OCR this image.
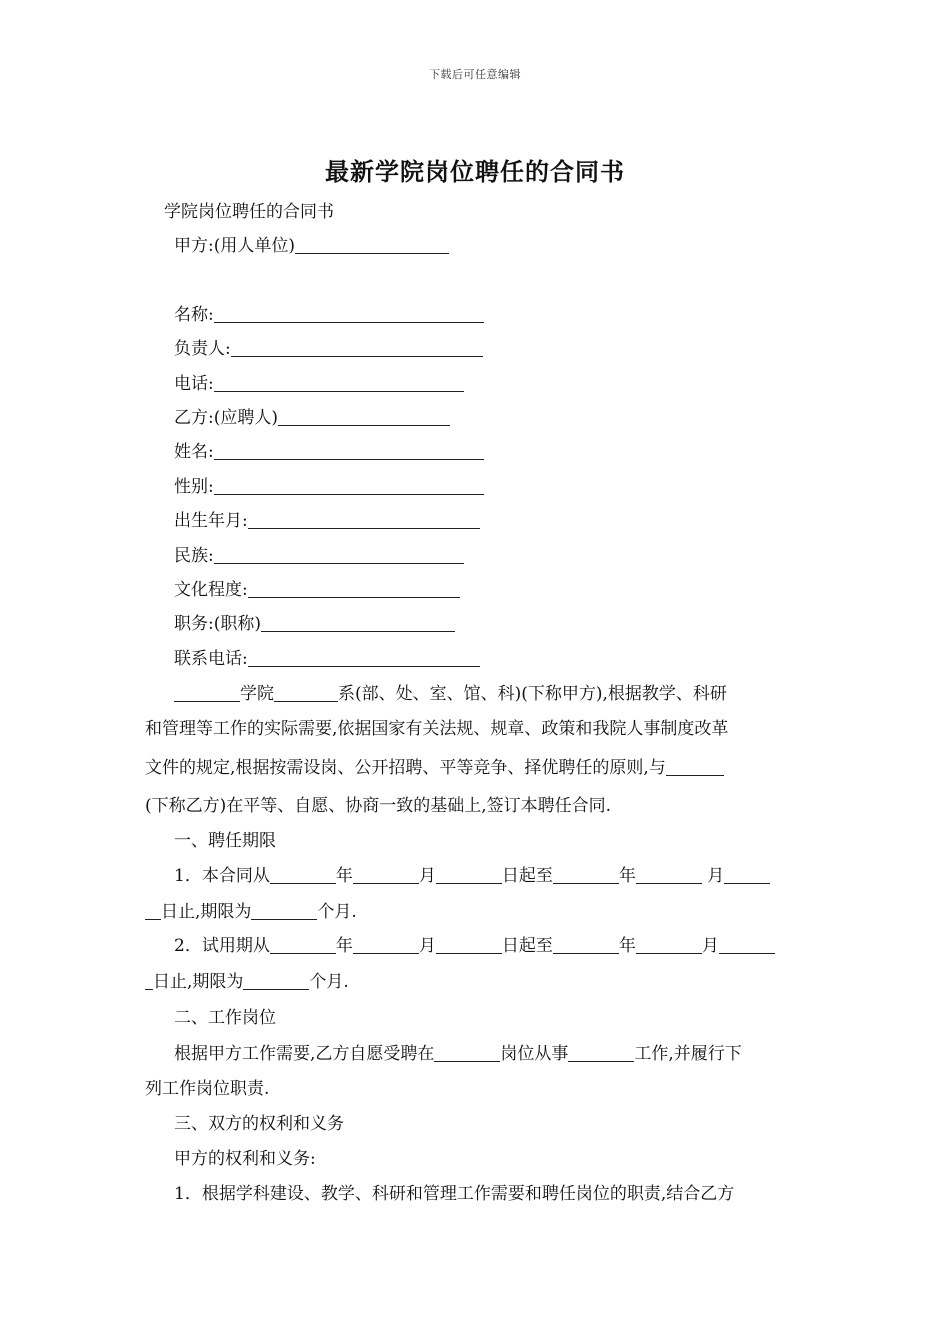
下载后可任意编辑
最新学院岗位聘任的合同书
学院岗位聘任的合同书
甲方:(用人单位)
名称:
负责人:
电话:
乙方:(应聘人)
姓名:
性别:
出生年月:
民族:
文化程度:
职务:(职称)
联系电话:
学院	系(部、处、室、馆、科)(下称甲方),根据教学、科研
和管理等工作的实际需要,依据国家有关法规、规章、政策和我院人事制度改革
文件的规定,根据按需设岗、公开招聘、平等竞争、择优聘任的原则,与
(下称乙方)在平等、自愿、协商一致的基础上,签订本聘任合同.
一、聘任期限
1．本合同从	年	月	日起至	年	月
日止,期限为	个月.
2．试用期从	年	月	日起至	年	月
日止,期限为	个月.
二、工作岗位
根据甲方工作需要,乙方自愿受聘在	岗位从事	工作,并履行下
列工作岗位职责.
三、双方的权利和义务
甲方的权利和义务:
1．根据学科建设、教学、科研和管理工作需要和聘任岗位的职责,结合乙方
